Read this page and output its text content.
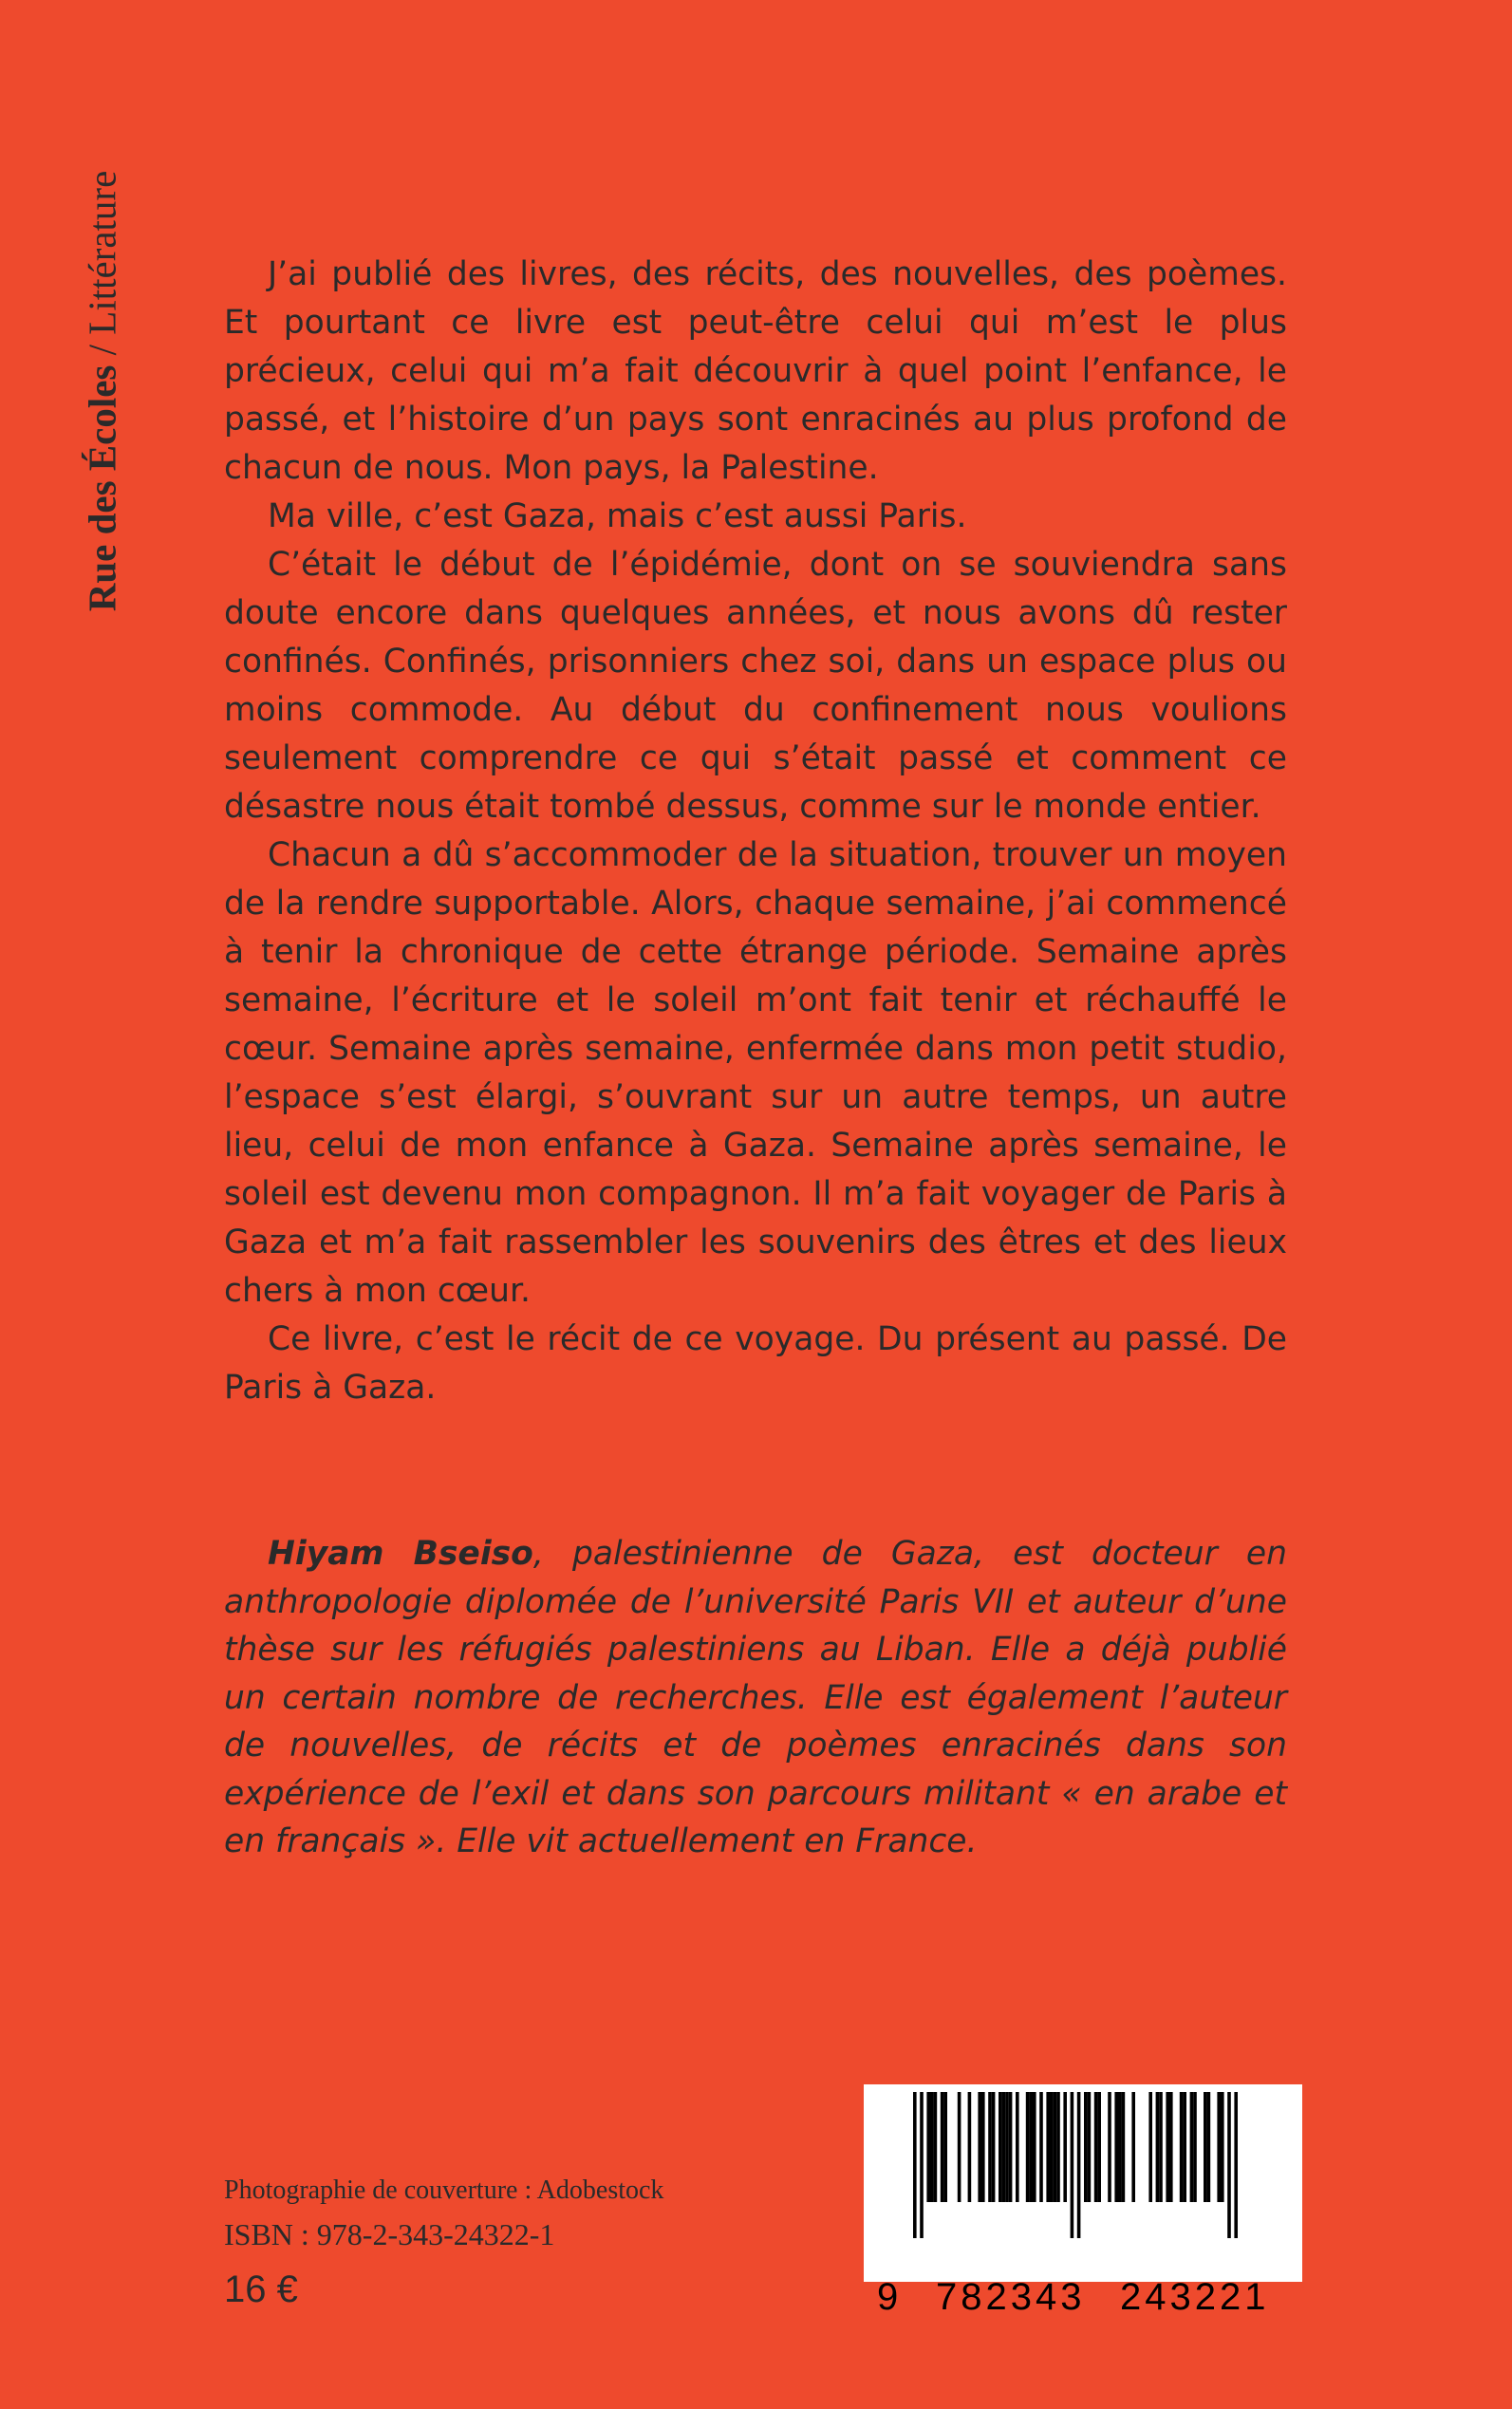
Rue des Écoles / Littérature	J’ai publié des livres, des récits, des nouvelles, des poèmes. Et pourtant ce livre est peut-être celui qui m’est le plus précieux, celui qui m’a fait découvrir à quel point l’enfance, le passé, et l’histoire d’un pays sont enracinés au plus profond de chacun de nous. Mon pays, la Palestine.

Ma ville, c’est Gaza, mais c’est aussi Paris.

C’était le début de l’épidémie, dont on se souviendra sans doute encore dans quelques années, et nous avons dû rester confinés. Confinés, prisonniers chez soi, dans un espace plus ou moins commode. Au début du confinement nous voulions seulement comprendre ce qui s’était passé et comment ce désastre nous était tombé dessus, comme sur le monde entier.

Chacun a dû s’accommoder de la situation, trouver un moyen de la rendre supportable. Alors, chaque semaine, j’ai commencé à tenir la chronique de cette étrange période. Semaine après semaine, l’écriture et le soleil m’ont fait tenir et réchauffé le cœur. Semaine après semaine, enfermée dans mon petit studio, l’espace s’est élargi, s’ouvrant sur un autre temps, un autre lieu, celui de mon enfance à Gaza. Semaine après semaine, le soleil est devenu mon compagnon. Il m’a fait voyager de Paris à Gaza et m’a fait rassembler les souvenirs des êtres et des lieux chers à mon cœur.

Ce livre, c’est le récit de ce voyage. Du présent au passé. De Paris à Gaza.

Hiyam Bseiso, palestinienne de Gaza, est docteur en anthropologie diplomée de l’université Paris VII et auteur d’une thèse sur les réfugiés palestiniens au Liban. Elle a déjà publié un certain nombre de recherches. Elle est également l’auteur de nouvelles, de récits et de poèmes enracinés dans son expérience de l’exil et dans son parcours militant « en arabe et en français ». Elle vit actuellement en France.

Photographie de couverture : Adobestock
ISBN : 978-2-343-24322-1
16 €	9 782343 243221
